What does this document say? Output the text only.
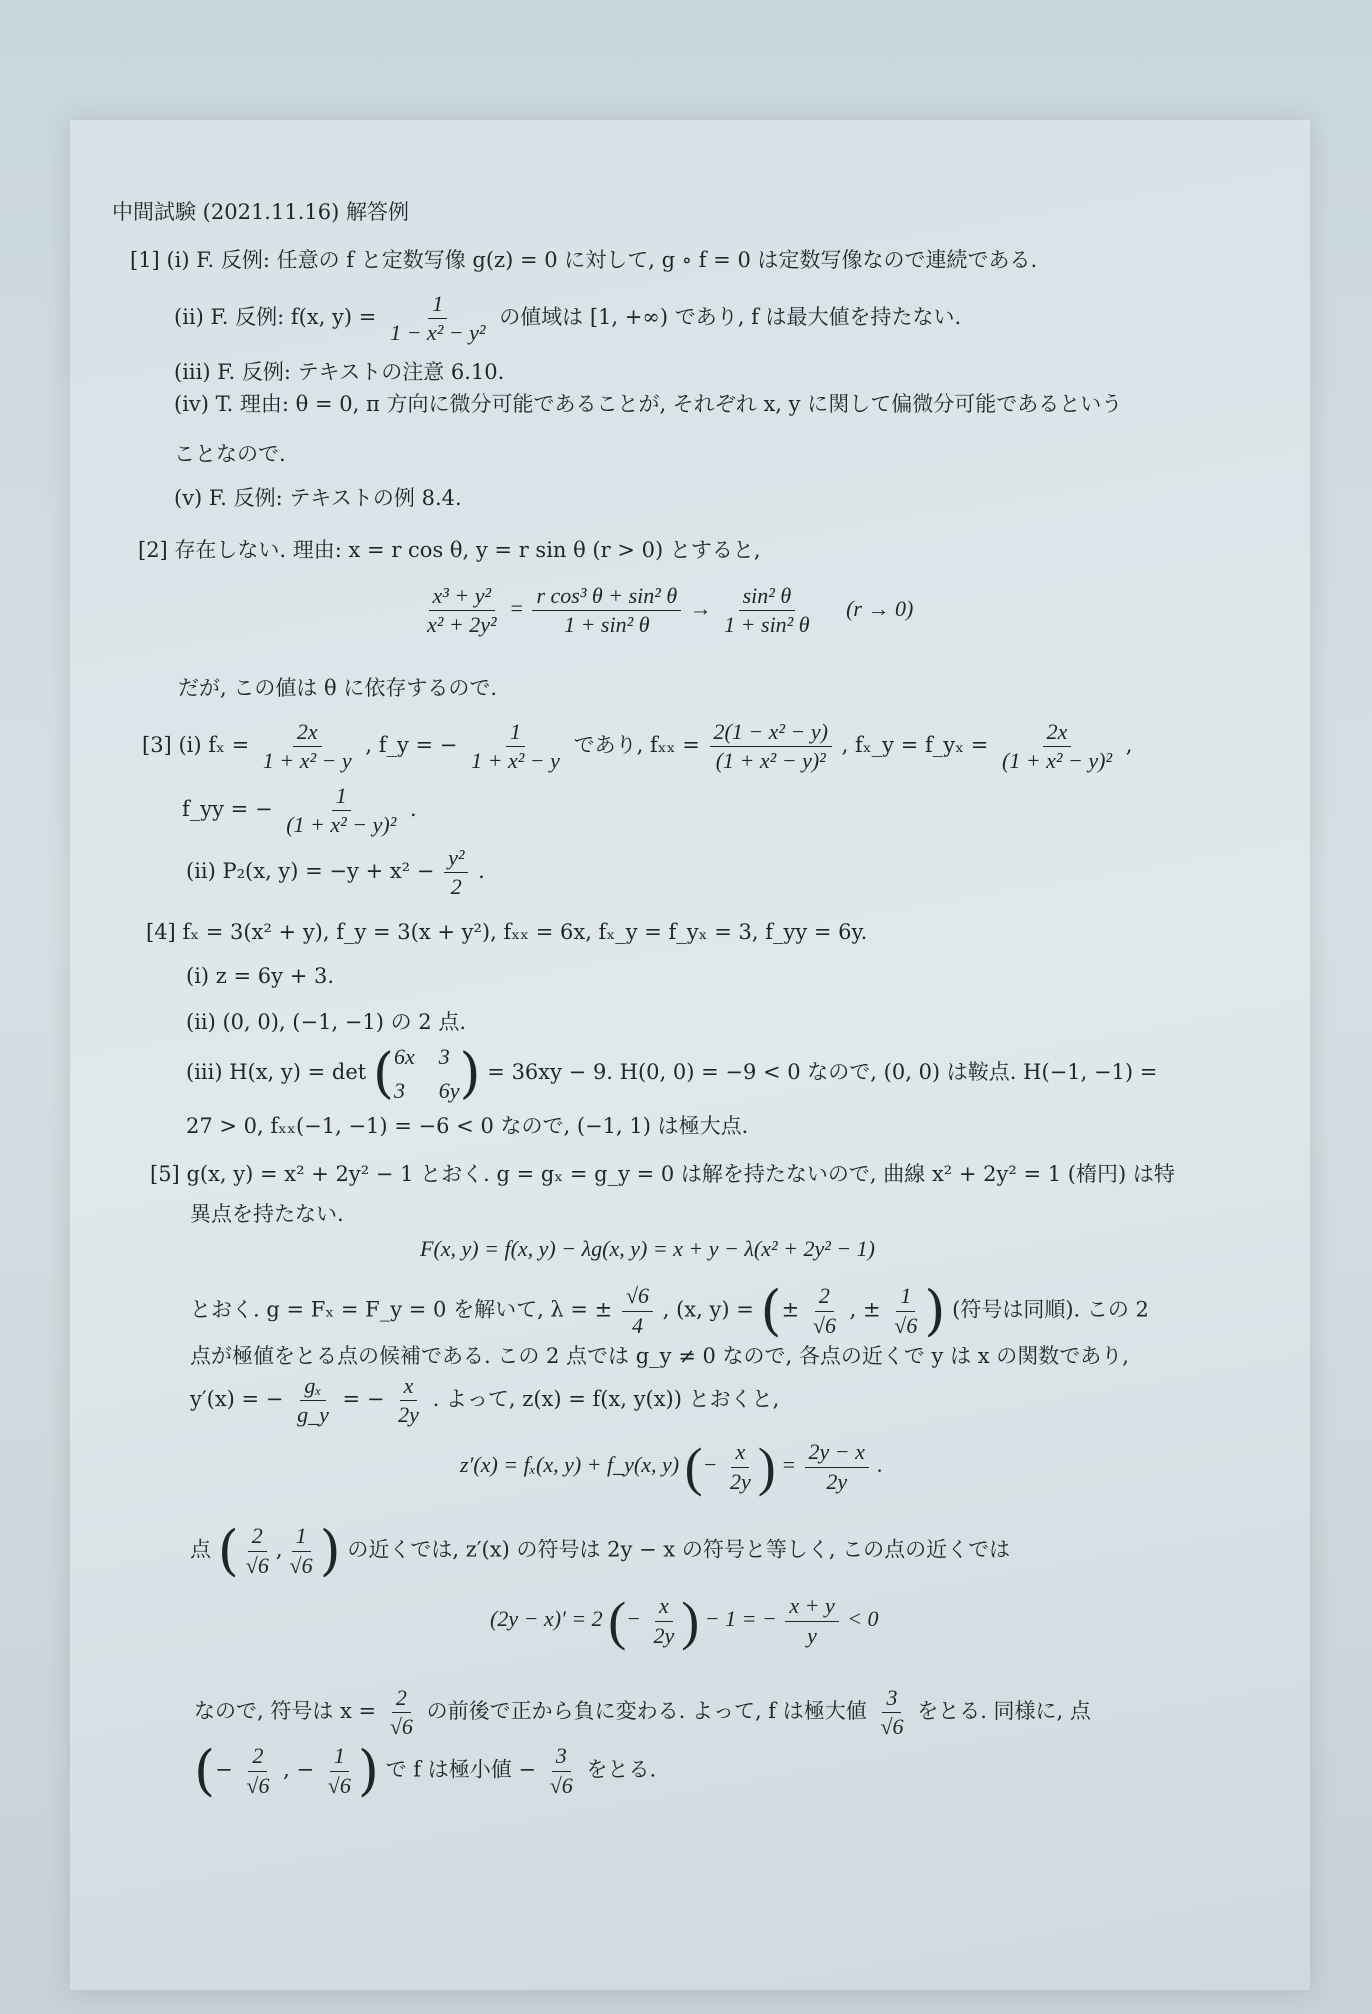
中間試験 (2021.11.16) 解答例
[1] (i) F. 反例: 任意の f と定数写像 g(z) = 0 に対して, g ∘ f = 0 は定数写像なので連続である.
(ii) F. 反例: f(x, $y) = \frac{1}{\text{1 − x² − y²}}$ の値域は [1, +∞) であり, f は最大値を持たない.
(iii) F. 反例: テキストの注意 6.10.
(iv) T. 理由: θ = 0, π 方向に微分可能であることが, それぞれ x, y に関して偏微分可能であるという
ことなので.
(v) F. 反例: テキストの例 8.4.
[2] 存在しない. 理由: x = r cos θ, y = r sin θ (r > 0) とすると,
$\frac{\text{x³ + y²}}{\text{x² + 2y²}} = \frac{\text{r cos³ θ + sin² θ}}{\text{1 + sin² θ}} \to \frac{\text{sin² θ}}{\text{1 + sin² θ}} (r \to 0)$
だが, この値は θ に依存するので.
[3] (i) $f_x = \frac{2x}{\text{1 + x² − y}}$ , f_y = − $\frac{1}{\text{1 + x² − y}}$ であり, $f_{xx} = \frac{\text{2(1 − x² − y)}}{\text{(1 + x² − y)²}}$ , fₓ_y = f_yₓ = $\frac{2x}{\text{(1 + x² − y)²}}$ ,
f_yy = − $\frac{1}{\text{(1 + x² − y)²}}$ .
(ii) P₂(x, $y) = -y + x^2 - \frac{\text{y²}}{2}$ .
[4] fₓ = 3(x² + y), f_y = 3(x + y²), fₓₓ = 6x, fₓ_y = f_yₓ = 3, f_yy = 6y.
(i) z = 6y + 3.
(ii) (0, 0), (−1, −1) の 2 点.
(iii) H(x, y) = det ( 6x 3
3	6y ) = 36xy − 9. H(0, 0) = −9 < 0 なので, (0, 0) は鞍点. H(−1, −1) =
27 > 0, fₓₓ(−1, −1) = −6 < 0 なので, (−1, 1) は極大点.
[5] g(x, y) = x² + 2y² − 1 とおく. g = gₓ = g_y = 0 は解を持たないので, 曲線 x² + 2y² = 1 (楕円) は特
異点を持たない.
F(x, y) = f(x, y) − λg(x, y) = x + y − λ(x² + 2y² − 1)
とおく. g = Fₓ = F_y = 0 を解いて, λ = ± $\frac{√6}{4}$ , (x, y) = (± $\frac{2}{√6}$ , ± $\frac{1}{√6}$ ) (符号は同順). この 2
点が極値をとる点の候補である. この 2 点では g_y ≠ 0 なので, 各点の近くで y は x の関数であり,
y′(x) = − $\frac{\text{gₓ}}{g\_y}$ = − $\frac{x}{2y}$ . よって, z(x) = f(x, y(x)) とおくと,
z′(x) = fₓ(x, y) + f_y(x, y) (− $\frac{x}{2y}$ ) = $\frac{2y - x}{2y}$ .
点 ( $\frac{2}{√6}$ , $\frac{1}{√6}$ ) の近くでは, z′(x) の符号は 2y − x の符号と等しく, この点の近くでは
(2y − x)′ = 2 (− $\frac{x}{2y}$ ) − 1 = − $\frac{x + y}{y} < 0$
なので, 符号は $x = \frac{2}{√6}$ の前後で正から負に変わる. よって, f は極大値 $\frac{3}{√6}$ をとる. 同様に, 点
(− $\frac{2}{√6}$ , − $\frac{1}{√6}$ ) で f は極小値 − $\frac{3}{√6}$ をとる.
